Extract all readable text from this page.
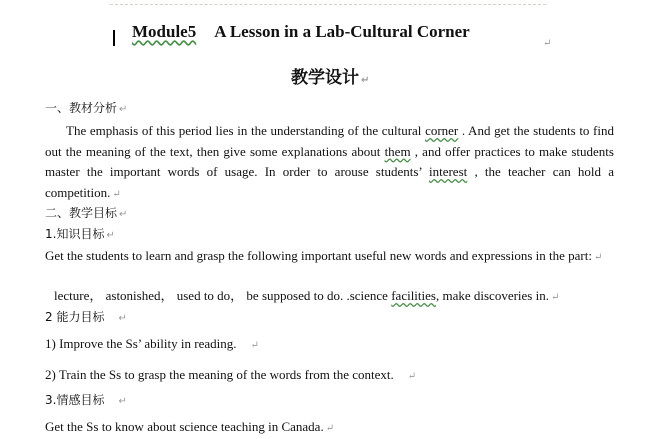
Module5 A Lesson in a Lab-Cultural Corner
↵
教学设计 ↵
一、教材分析 ↵
The emphasis of this period lies in the understanding of the cultural corner . And get the students to find out the meaning of the text, then give some explanations about them , and offer practices to make students master the important words of usage. In order to arouse students’ interest , the teacher can hold a competition. ↵
二、教学目标 ↵
1.知识目标 ↵
Get the students to learn and grasp the following important useful new words and expressions in the part: ↵
lecture， astonished， used to do， be supposed to do. .science facilities, make discoveries in. ↵
2 能力目标 ↵
1) Improve the Ss’ ability in reading. ↵
2) Train the Ss to grasp the meaning of the words from the context. ↵
3.情感目标 ↵
Get the Ss to know about science teaching in Canada. ↵
